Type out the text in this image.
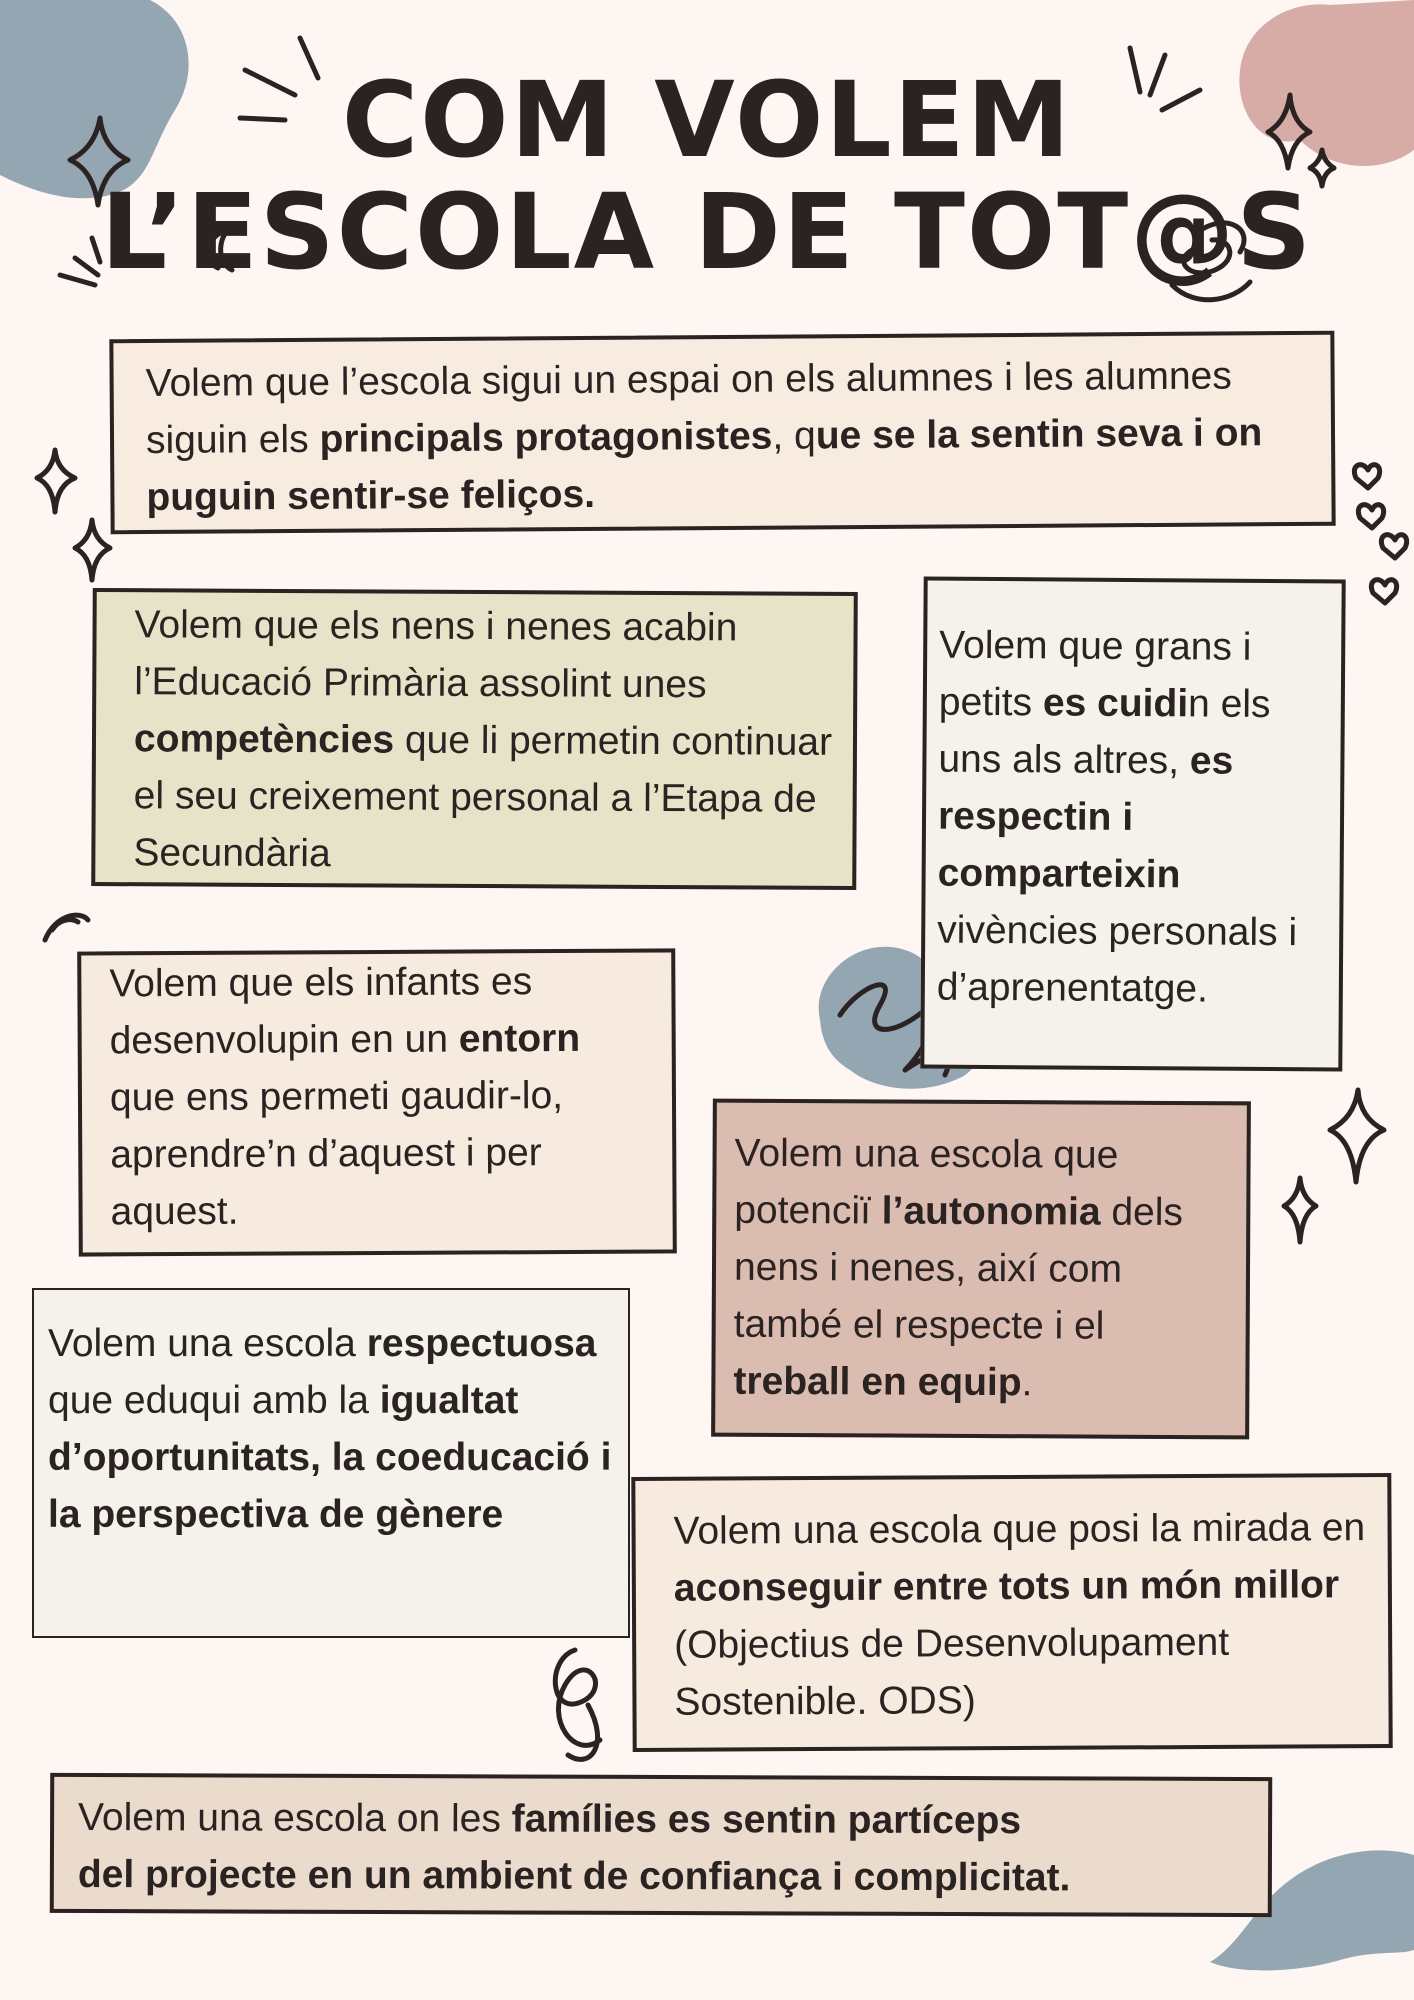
COM VOLEM
L’ESCOLA DE TOT@S
Volem que l’escola sigui un espai on els alumnes i les alumnes siguin els principals protagonistes, que se la sentin seva i on puguin sentir-se feliços.
Volem que els nens i nenes acabin l’Educació Primària assolint unes competències que li permetin continuar el seu creixement personal a l’Etapa de Secundària
Volem que grans i petits es cuidin els uns als altres, es respectin i comparteixin vivències personals i d’aprenentatge.
Volem que els infants es desenvolupin en un entorn que ens permeti gaudir-lo, aprendre’n d’aquest i per aquest.
Volem una escola que potenciï l’autonomia dels nens i nenes, així com també el respecte i el treball en equip.
Volem una escola respectuosa que eduqui amb la igualtat d’oportunitats, la coeducació i la perspectiva de gènere	Volem una escola que posi la mirada en aconseguir entre tots un món millor (Objectius de Desenvolupament Sostenible. ODS)
Volem una escola on les famílies es sentin partíceps del projecte en un ambient de confiança i complicitat.
